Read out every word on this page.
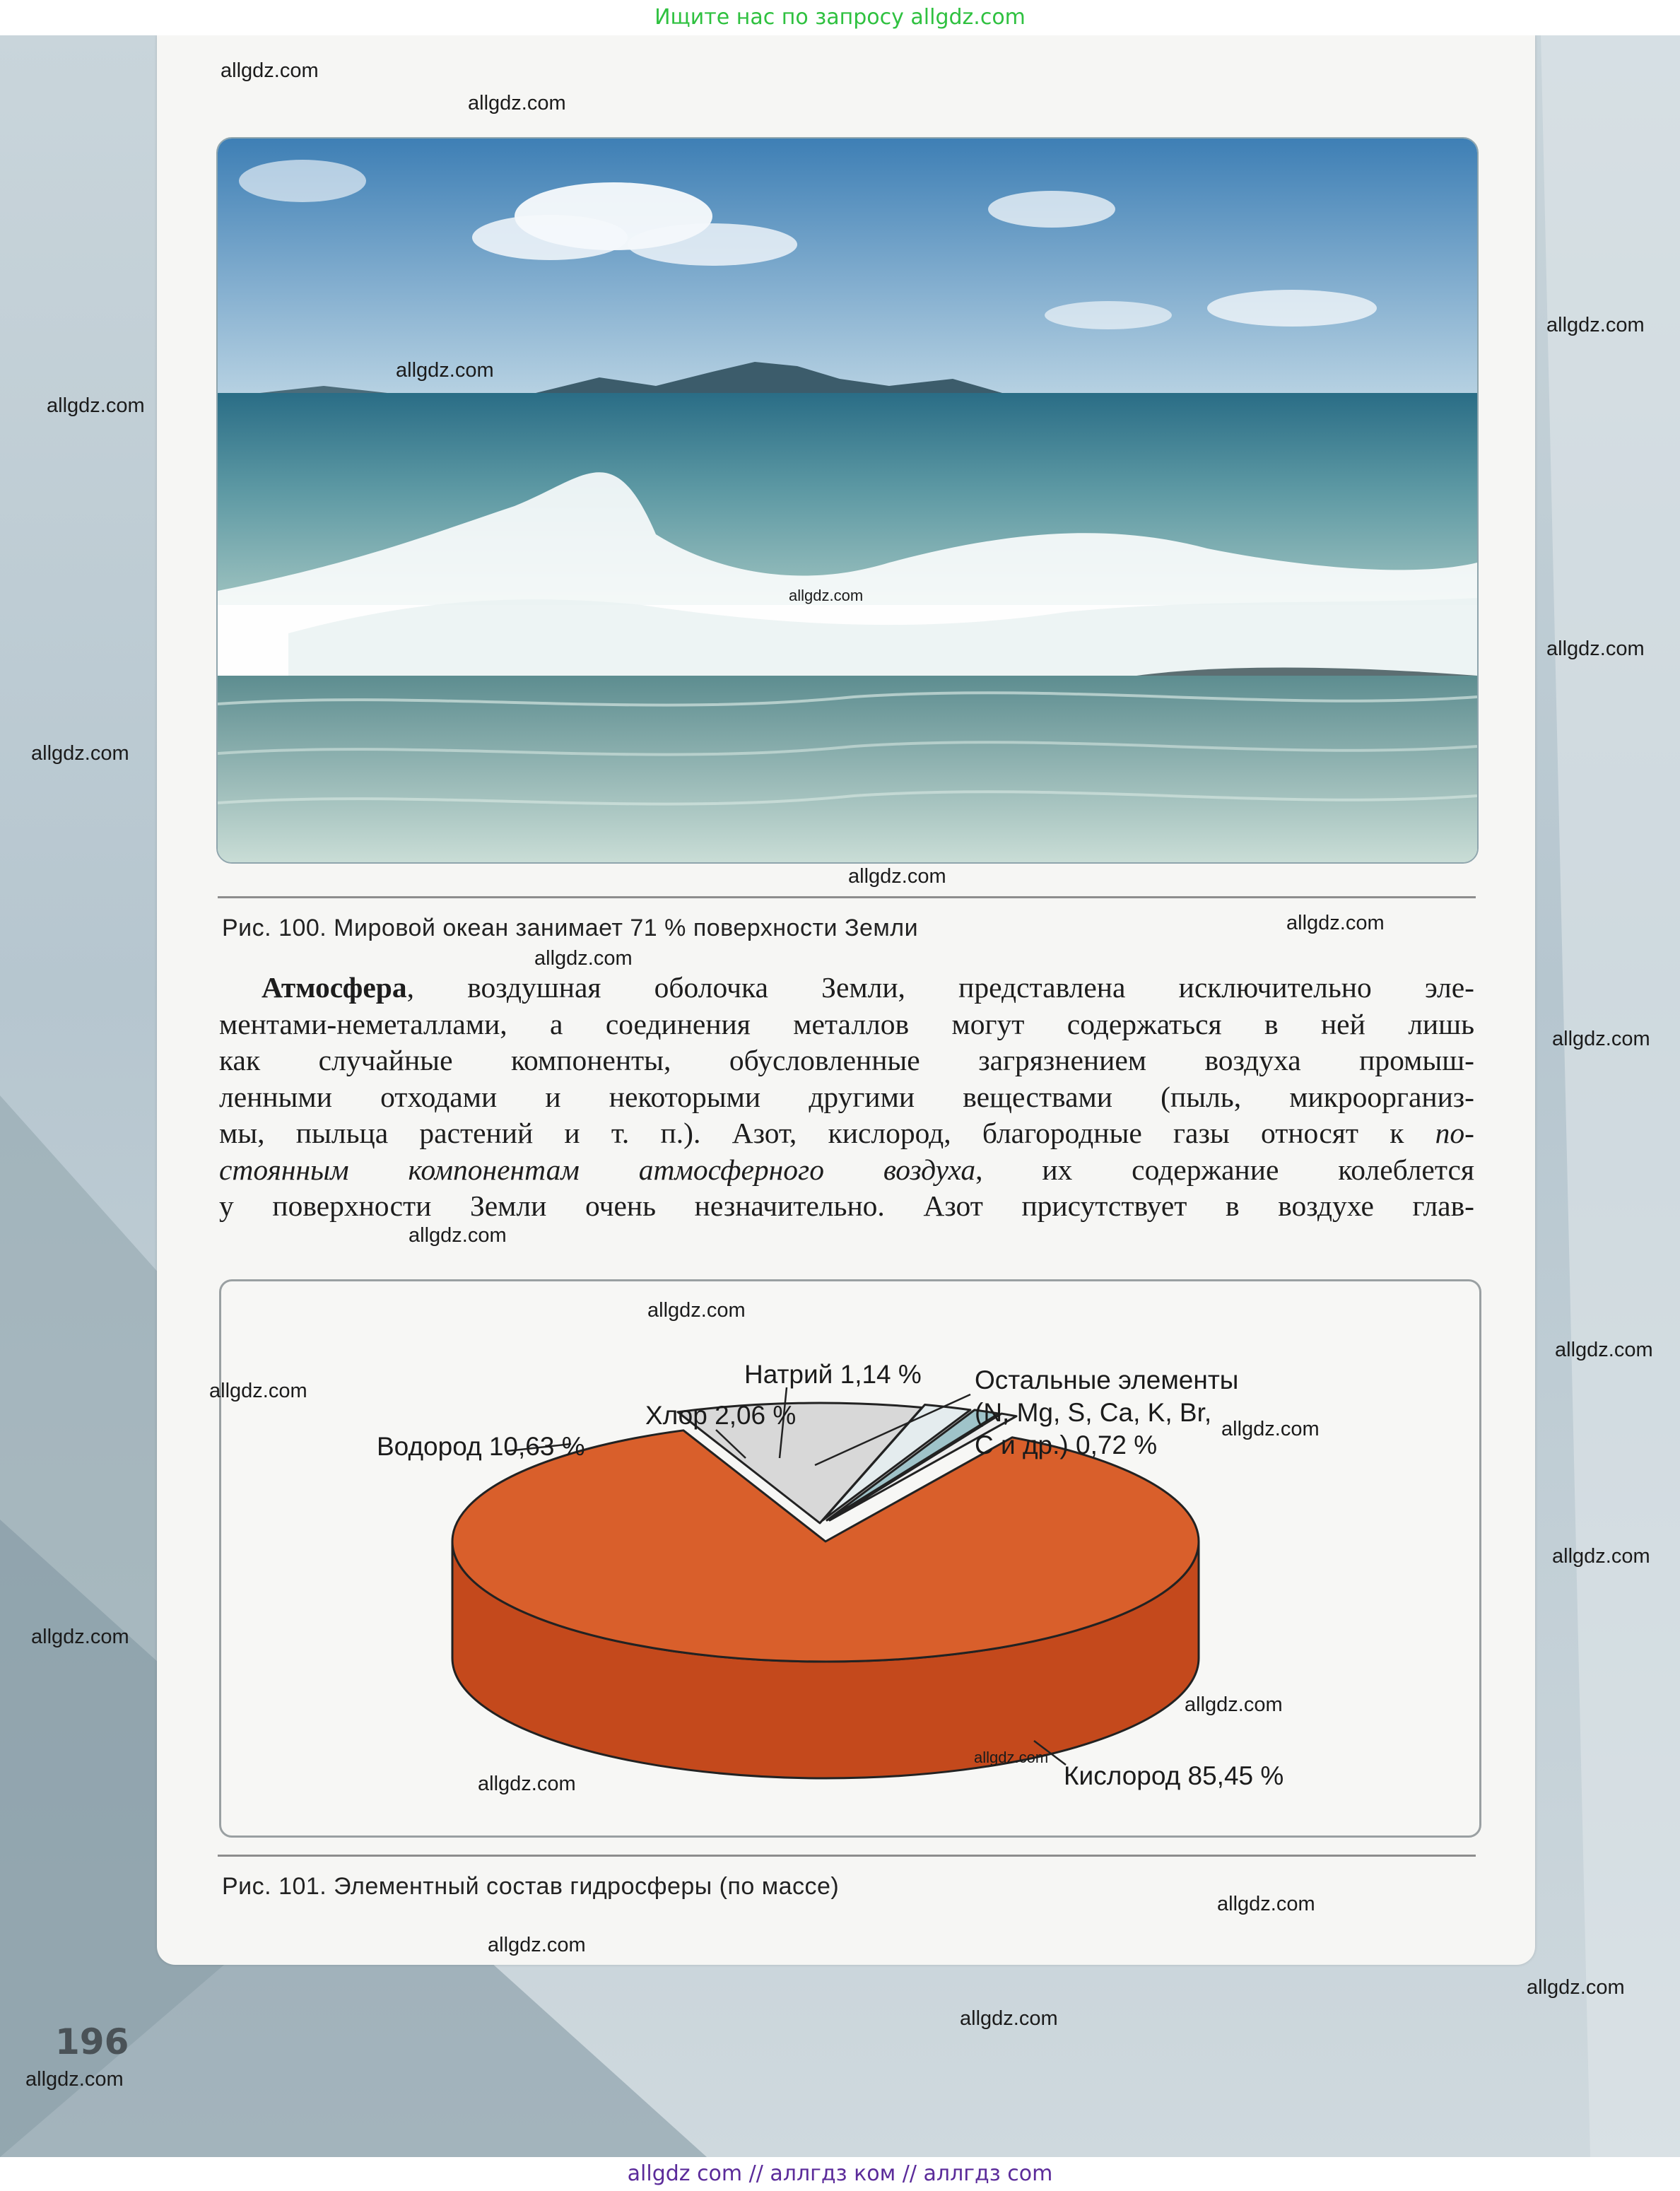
Ищите нас по запросу allgdz.com
Рис. 100. Мировой океан занимает 71 % поверхности Земли
Атмосфера, воздушная оболочка Земли, представлена исключительно эле-
ментами-неметаллами, а соединения металлов могут содержаться в ней лишь
как случайные компоненты, обусловленные загрязнением воздуха промыш-
ленными отходами и некоторыми другими веществами (пыль, микроорганиз-
мы, пыльца растений и т. п.). Азот, кислород, благородные газы относят к по-
стоянным компонентам атмосферного воздуха, их содержание колеблется
у поверхности Земли очень незначительно. Азот присутствует в воздухе глав-
Натрий 1,14 %
Хлор 2,06 %
Водород 10,63 %
Остальные элементы
(N, Mg, S, Ca, K, Br,
C и др.) 0,72 %
Кислород 85,45 %
Рис. 101. Элементный состав гидросферы (по массе)
196
allgdz.com
allgdz.com
allgdz.com
allgdz.com
allgdz.com
allgdz.com
allgdz.com
allgdz.com
allgdz.com
allgdz.com
allgdz.com
allgdz.com
allgdz.com
allgdz.com
allgdz.com
allgdz.com
allgdz.com
allgdz.com
allgdz.com
allgdz.com
allgdz.com
allgdz.com
allgdz.com
allgdz.com
allgdz.com
allgdz.com
allgdz.com
allgdz com // аллгдз ком // аллгдз com
